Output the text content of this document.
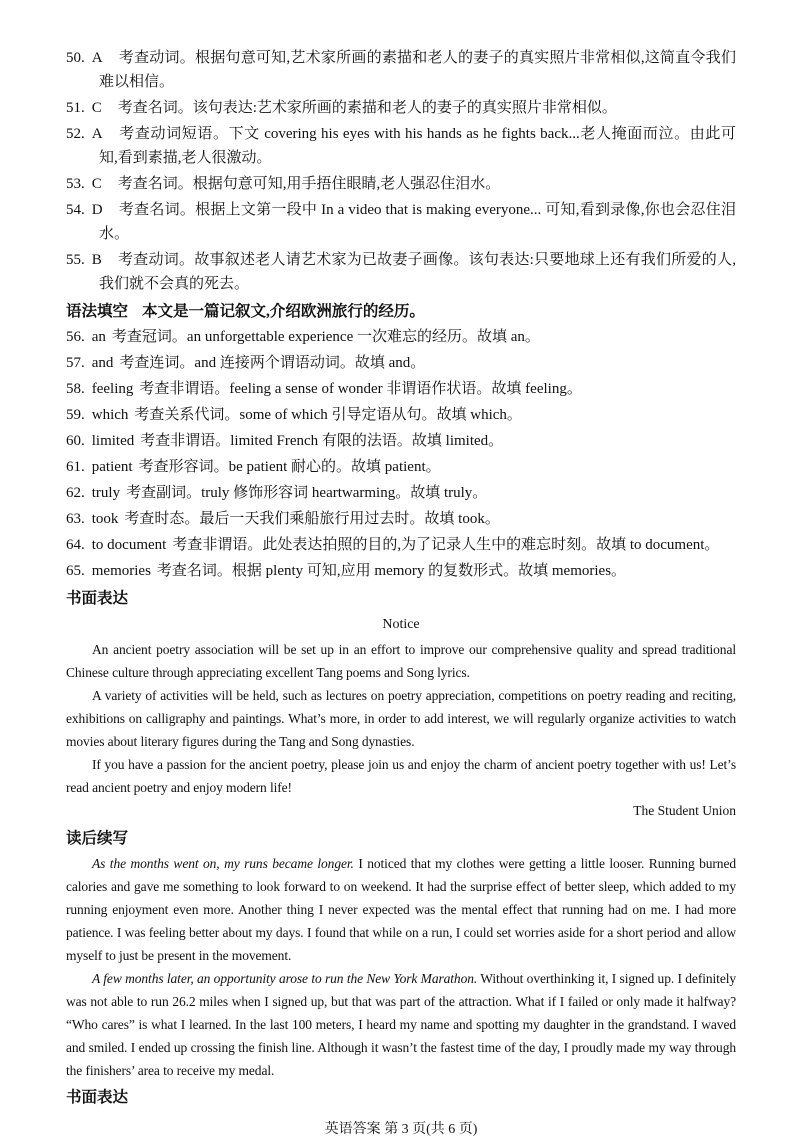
50. A 考查动词。根据句意可知,艺术家所画的素描和老人的妻子的真实照片非常相似,这简直令我们难以相信。
51. C 考查名词。该句表达:艺术家所画的素描和老人的妻子的真实照片非常相似。
52. A 考查动词短语。下文 covering his eyes with his hands as he fights back...老人掩面而泣。由此可知,看到素描,老人很激动。
53. C 考查名词。根据句意可知,用手捂住眼睛,老人强忍住泪水。
54. D 考查名词。根据上文第一段中 In a video that is making everyone... 可知,看到录像,你也会忍住泪水。
55. B 考查动词。故事叙述老人请艺术家为已故妻子画像。该句表达:只要地球上还有我们所爱的人,我们就不会真的死去。
语法填空 本文是一篇记叙文,介绍欧洲旅行的经历。
56. an 考查冠词。an unforgettable experience 一次难忘的经历。故填 an。
57. and 考查连词。and 连接两个谓语动词。故填 and。
58. feeling 考查非谓语。feeling a sense of wonder 非谓语作状语。故填 feeling。
59. which 考查关系代词。some of which 引导定语从句。故填 which。
60. limited 考查非谓语。limited French 有限的法语。故填 limited。
61. patient 考查形容词。be patient 耐心的。故填 patient。
62. truly 考查副词。truly 修饰形容词 heartwarming。故填 truly。
63. took 考查时态。最后一天我们乘船旅行用过去时。故填 took。
64. to document 考查非谓语。此处表达拍照的目的,为了记录人生中的难忘时刻。故填 to document。
65. memories 考查名词。根据 plenty 可知,应用 memory 的复数形式。故填 memories。
书面表达
Notice

An ancient poetry association will be set up in an effort to improve our comprehensive quality and spread traditional Chinese culture through appreciating excellent Tang poems and Song lyrics.

A variety of activities will be held, such as lectures on poetry appreciation, competitions on poetry reading and reciting, exhibitions on calligraphy and paintings. What’s more, in order to add interest, we will regularly organize activities to watch movies about literary figures during the Tang and Song dynasties.

If you have a passion for the ancient poetry, please join us and enjoy the charm of ancient poetry together with us! Let’s read ancient poetry and enjoy modern life!

The Student Union
读后续写

As the months went on, my runs became longer. I noticed that my clothes were getting a little looser. Running burned calories and gave me something to look forward to on weekend. It had the surprise effect of better sleep, which added to my running enjoyment even more. Another thing I never expected was the mental effect that running had on me. I had more patience. I was feeling better about my days. I found that while on a run, I could set worries aside for a short period and allow myself to just be present in the movement.

A few months later, an opportunity arose to run the New York Marathon. Without overthinking it, I signed up. I definitely was not able to run 26.2 miles when I signed up, but that was part of the attraction. What if I failed or only made it halfway? “Who cares” is what I learned. In the last 100 meters, I heard my name and spotting my daughter in the grandstand. I waved and smiled. I ended up crossing the finish line. Although it wasn’t the fastest time of the day, I proudly made my way through the finishers’ area to receive my medal.

书面表达
英语答案 第 3 页(共 6 页)
